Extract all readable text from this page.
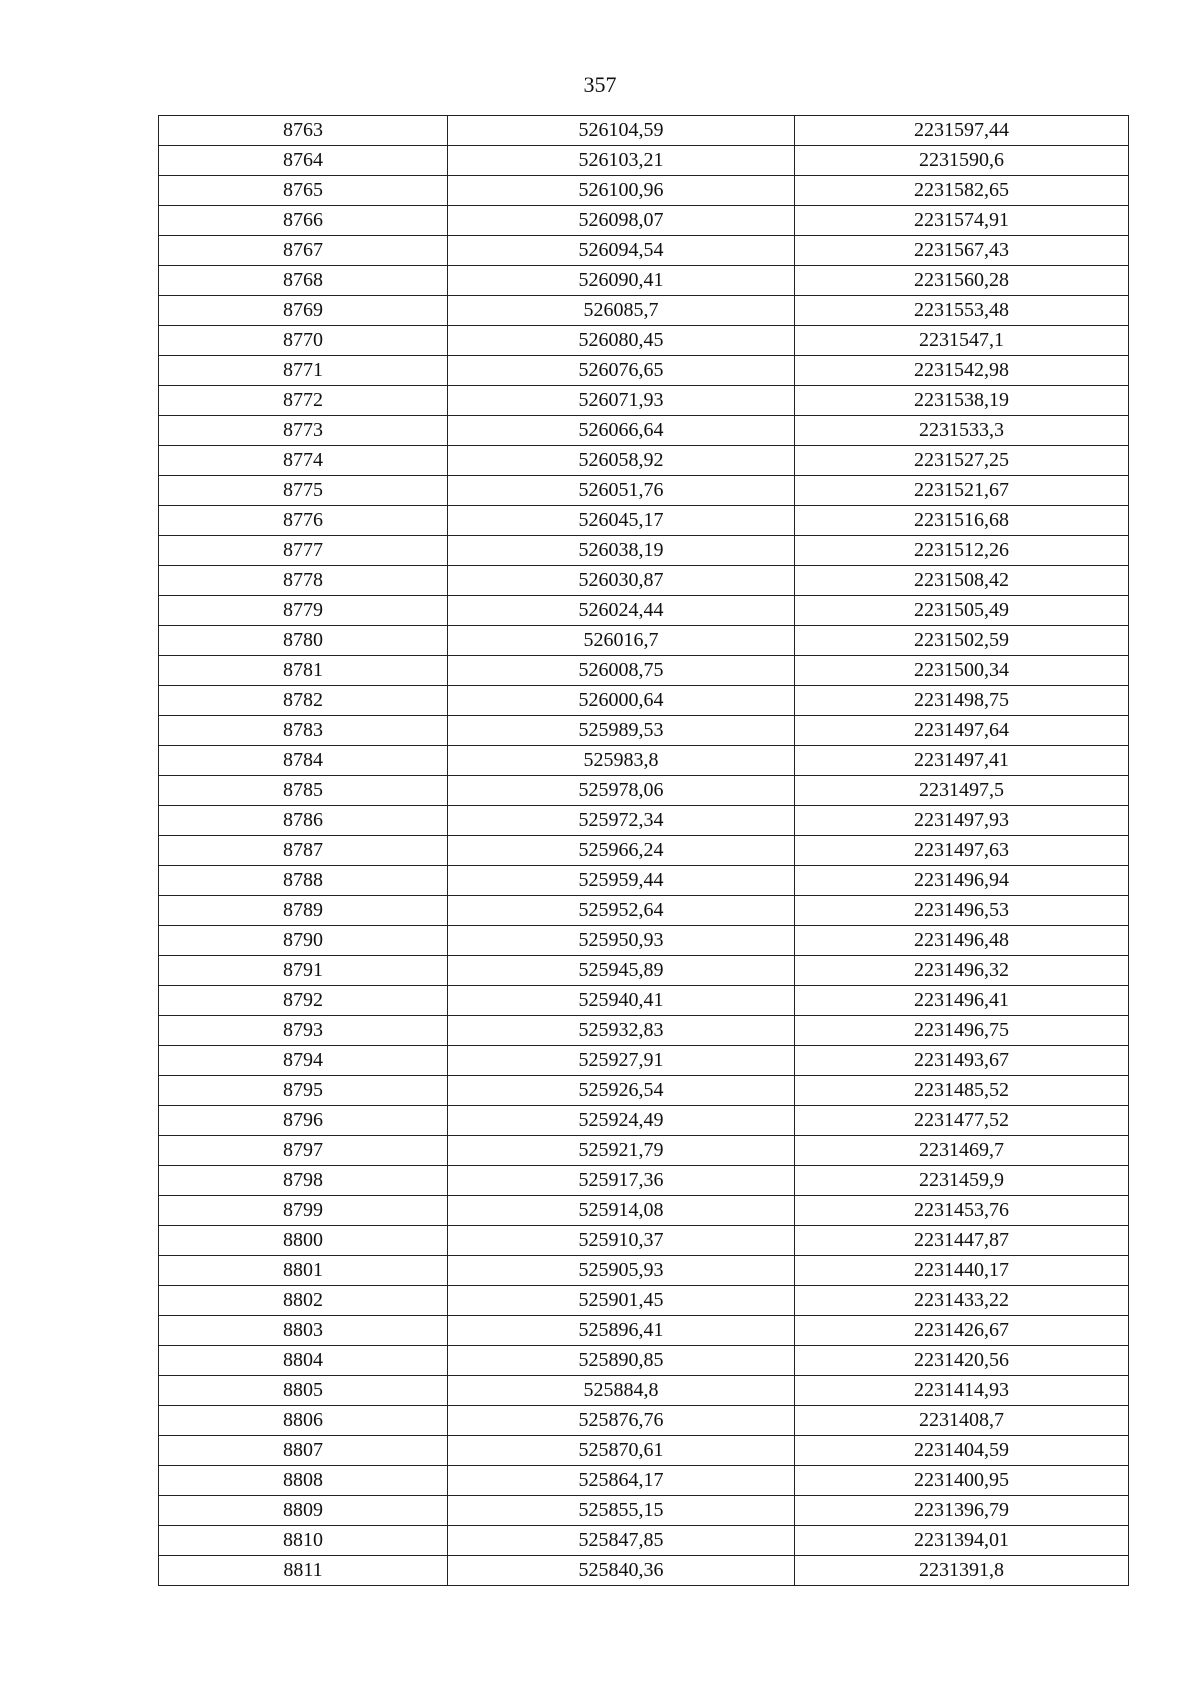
357
8763	526104,59	2231597,44
8764	526103,21	2231590,6
8765	526100,96	2231582,65
8766	526098,07	2231574,91
8767	526094,54	2231567,43
8768	526090,41	2231560,28
8769	526085,7	2231553,48
8770	526080,45	2231547,1
8771	526076,65	2231542,98
8772	526071,93	2231538,19
8773	526066,64	2231533,3
8774	526058,92	2231527,25
8775	526051,76	2231521,67
8776	526045,17	2231516,68
8777	526038,19	2231512,26
8778	526030,87	2231508,42
8779	526024,44	2231505,49
8780	526016,7	2231502,59
8781	526008,75	2231500,34
8782	526000,64	2231498,75
8783	525989,53	2231497,64
8784	525983,8	2231497,41
8785	525978,06	2231497,5
8786	525972,34	2231497,93
8787	525966,24	2231497,63
8788	525959,44	2231496,94
8789	525952,64	2231496,53
8790	525950,93	2231496,48
8791	525945,89	2231496,32
8792	525940,41	2231496,41
8793	525932,83	2231496,75
8794	525927,91	2231493,67
8795	525926,54	2231485,52
8796	525924,49	2231477,52
8797	525921,79	2231469,7
8798	525917,36	2231459,9
8799	525914,08	2231453,76
8800	525910,37	2231447,87
8801	525905,93	2231440,17
8802	525901,45	2231433,22
8803	525896,41	2231426,67
8804	525890,85	2231420,56
8805	525884,8	2231414,93
8806	525876,76	2231408,7
8807	525870,61	2231404,59
8808	525864,17	2231400,95
8809	525855,15	2231396,79
8810	525847,85	2231394,01
8811	525840,36	2231391,8
